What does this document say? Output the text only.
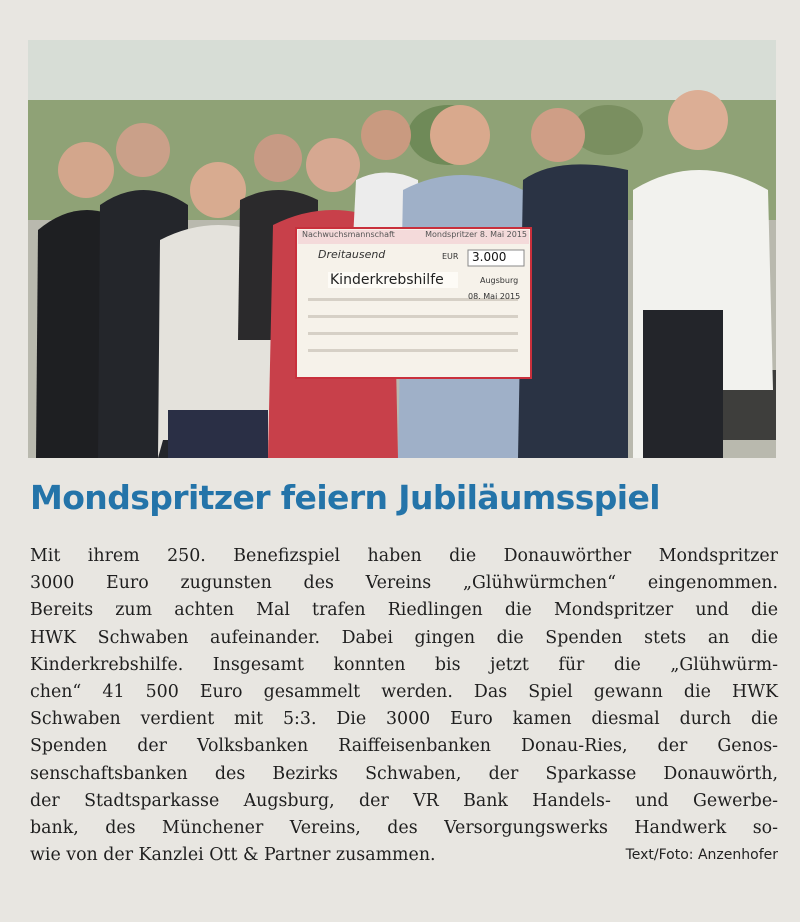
Nachwuchsmannschaft	Mondspritzer 8. Mai 2015
Dreitausend	EUR 3.000
Kinderkrebshilfe	Augsburg
08. Mai 2015
Mondspritzer feiern Jubiläumsspiel
Mit ihrem 250. Benefizspiel haben die Donauwörther Mondspritzer
3000 Euro zugunsten des Vereins „Glühwürmchen“ eingenommen.
Bereits zum achten Mal trafen Riedlingen die Mondspritzer und die
HWK Schwaben aufeinander. Dabei gingen die Spenden stets an die
Kinderkrebshilfe. Insgesamt konnten bis jetzt für die „Glühwürm-
chen“ 41 500 Euro gesammelt werden. Das Spiel gewann die HWK
Schwaben verdient mit 5:3. Die 3000 Euro kamen diesmal durch die
Spenden der Volksbanken Raiffeisenbanken Donau-Ries, der Genos-
senschaftsbanken des Bezirks Schwaben, der Sparkasse Donauwörth,
der Stadtsparkasse Augsburg, der VR Bank Handels- und Gewerbe-
bank, des Münchener Vereins, des Versorgungswerks Handwerk so-
wie von der Kanzlei Ott & Partner zusammen.	Text/Foto: Anzenhofer
